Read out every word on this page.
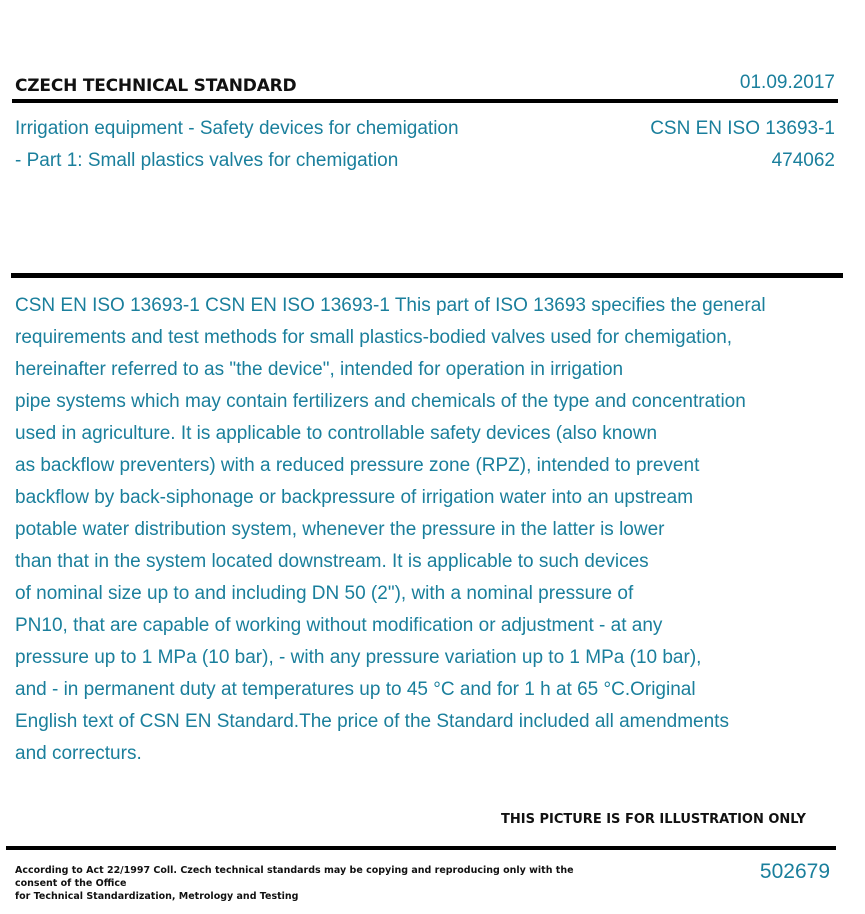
CZECH TECHNICAL STANDARD	01.09.2017
Irrigation equipment - Safety devices for chemigation
- Part 1: Small plastics valves for chemigation
CSN EN ISO 13693-1
474062
CSN EN ISO 13693-1 CSN EN ISO 13693-1 This part of ISO 13693 specifies the general
requirements and test methods for small plastics-bodied valves used for chemigation,
hereinafter referred to as "the device", intended for operation in irrigation
pipe systems which may contain fertilizers and chemicals of the type and concentration
used in agriculture. It is applicable to controllable safety devices (also known
as backflow preventers) with a reduced pressure zone (RPZ), intended to prevent
backflow by back-siphonage or backpressure of irrigation water into an upstream
potable water distribution system, whenever the pressure in the latter is lower
than that in the system located downstream. It is applicable to such devices
of nominal size up to and including DN 50 (2"), with a nominal pressure of
PN10, that are capable of working without modification or adjustment - at any
pressure up to 1 MPa (10 bar), - with any pressure variation up to 1 MPa (10 bar),
and - in permanent duty at temperatures up to 45 °C and for 1 h at 65 °C.Original
English text of CSN EN Standard.The price of the Standard included all amendments
and correcturs.
THIS PICTURE IS FOR ILLUSTRATION ONLY
According to Act 22/1997 Coll. Czech technical standards may be copying and reproducing only with the consent of the Office
for Technical Standardization, Metrology and Testing
502679
